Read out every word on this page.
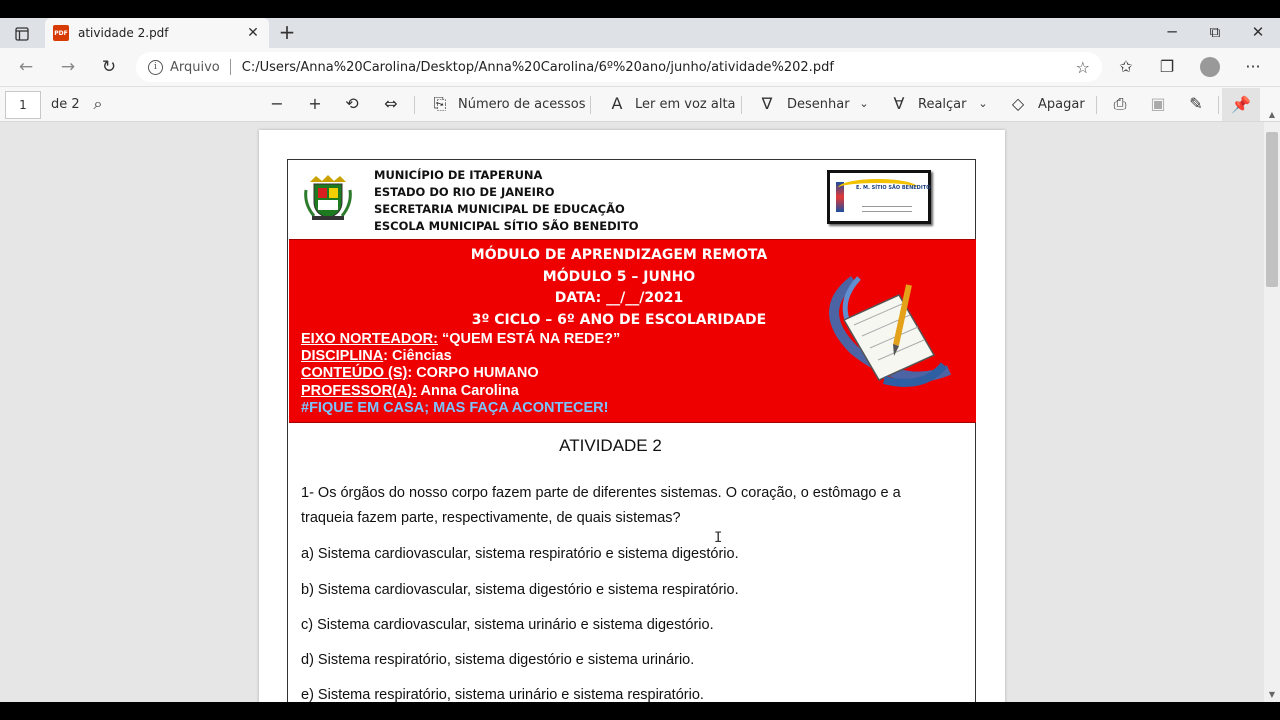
PDF atividade 2.pdf	✕ +	─	⧉	✕
←	→	↻	i	Arquivo C:/Users/Anna%20Carolina/Desktop/Anna%20Carolina/6º%20ano/junho/atividade%202.pdf	☆	✩	❐	···
1	de 2 ⌕	− + ⟲ ⇔ ⎘ Número de acessos	A Ler em voz alta	∇	Desenhar ⌄	∀	Realçar	⌄	◇	Apagar ⎙ ▣ ✎	📌
MUNICÍPIO DE ITAPERUNA
ESTADO DO RIO DE JANEIRO
SECRETARIA MUNICIPAL DE EDUCAÇÃO
ESCOLA MUNICIPAL SÍTIO SÃO BENEDITO
E. M. SÍTIO SÃO BENEDITO
MÓDULO DE APRENDIZAGEM REMOTA
MÓDULO 5 – JUNHO
DATA: __/__/2021
3º CICLO – 6º ANO DE ESCOLARIDADE
EIXO NORTEADOR: “QUEM ESTÁ NA REDE?”
DISCIPLINA: Ciências
CONTEÚDO (S): CORPO HUMANO
PROFESSOR(A): Anna Carolina
#FIQUE EM CASA; MAS FAÇA ACONTECER!
ATIVIDADE 2
1- Os órgãos do nosso corpo fazem parte de diferentes sistemas. O coração, o estômago e a
traqueia fazem parte, respectivamente, de quais sistemas?
a) Sistema cardiovascular, sistema respiratório e sistema digestório.
b) Sistema cardiovascular, sistema digestório e sistema respiratório.
c) Sistema cardiovascular, sistema urinário e sistema digestório.
d) Sistema respiratório, sistema digestório e sistema urinário.
e) Sistema respiratório, sistema urinário e sistema respiratório.
▲
▼
I
